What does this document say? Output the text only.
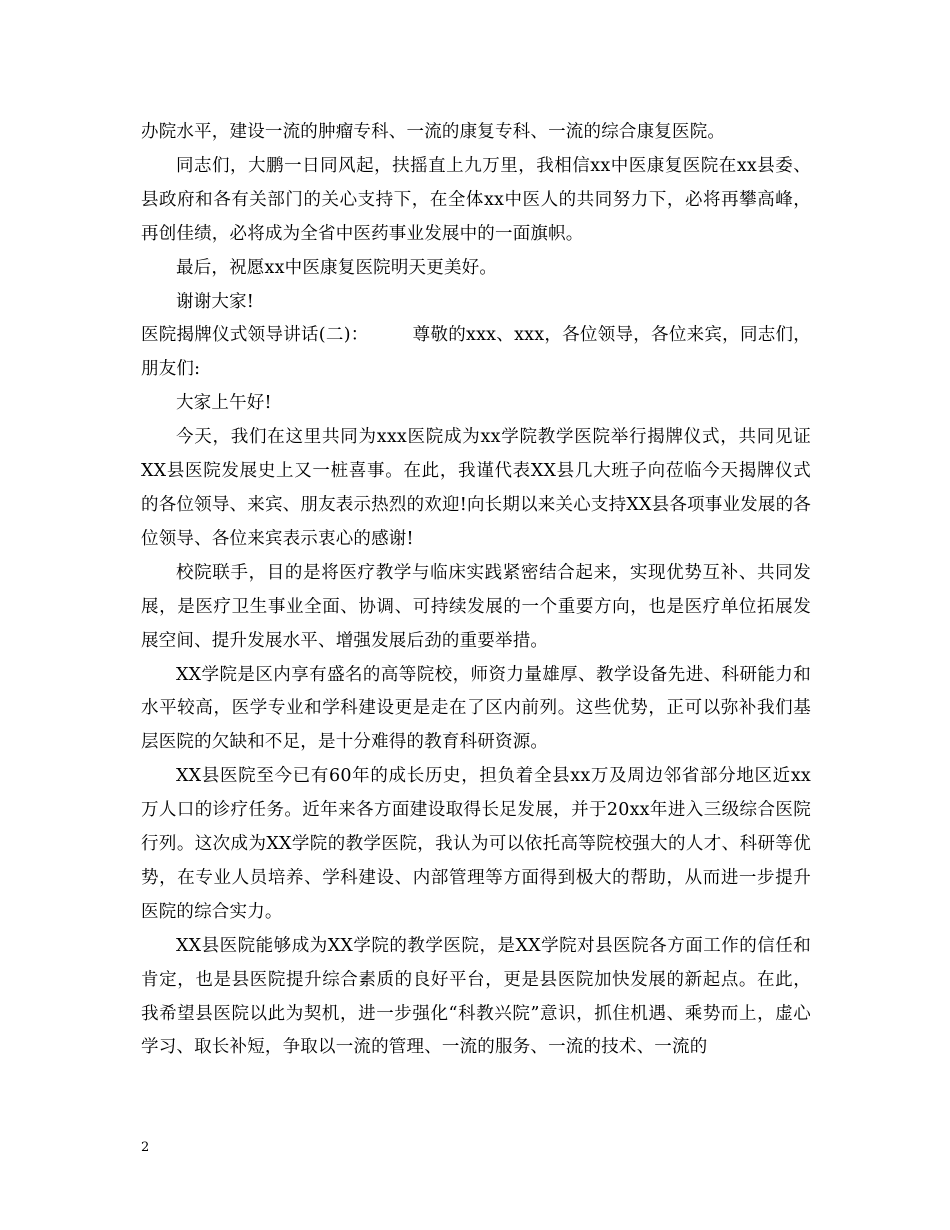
办院水平，建设一流的肿瘤专科、一流的康复专科、一流的综合康复医院。

同志们，大鹏一日同风起，扶摇直上九万里，我相信xx中医康复医院在xx县委、县政府和各有关部门的关心支持下，在全体xx中医人的共同努力下，必将再攀高峰，再创佳绩，必将成为全省中医药事业发展中的一面旗帜。

最后，祝愿xx中医康复医院明天更美好。

谢谢大家!

医院揭牌仪式领导讲话(二)：	尊敬的xxx、xxx，各位领导，各位来宾，同志们，朋友们:

大家上午好!

今天，我们在这里共同为xxx医院成为xx学院教学医院举行揭牌仪式，共同见证XX县医院发展史上又一桩喜事。在此，我谨代表XX县几大班子向莅临今天揭牌仪式的各位领导、来宾、朋友表示热烈的欢迎!向长期以来关心支持XX县各项事业发展的各位领导、各位来宾表示衷心的感谢!

校院联手，目的是将医疗教学与临床实践紧密结合起来，实现优势互补、共同发展，是医疗卫生事业全面、协调、可持续发展的一个重要方向，也是医疗单位拓展发展空间、提升发展水平、增强发展后劲的重要举措。

XX学院是区内享有盛名的高等院校，师资力量雄厚、教学设备先进、科研能力和水平较高，医学专业和学科建设更是走在了区内前列。这些优势，正可以弥补我们基层医院的欠缺和不足，是十分难得的教育科研资源。

XX县医院至今已有60年的成长历史，担负着全县xx万及周边邻省部分地区近xx万人口的诊疗任务。近年来各方面建设取得长足发展，并于20xx年进入三级综合医院行列。这次成为XX学院的教学医院，我认为可以依托高等院校强大的人才、科研等优势，在专业人员培养、学科建设、内部管理等方面得到极大的帮助，从而进一步提升医院的综合实力。

XX县医院能够成为XX学院的教学医院，是XX学院对县医院各方面工作的信任和肯定，也是县医院提升综合素质的良好平台，更是县医院加快发展的新起点。在此，我希望县医院以此为契机，进一步强化“科教兴院”意识，抓住机遇、乘势而上，虚心学习、取长补短，争取以一流的管理、一流的服务、一流的技术、一流的

2
